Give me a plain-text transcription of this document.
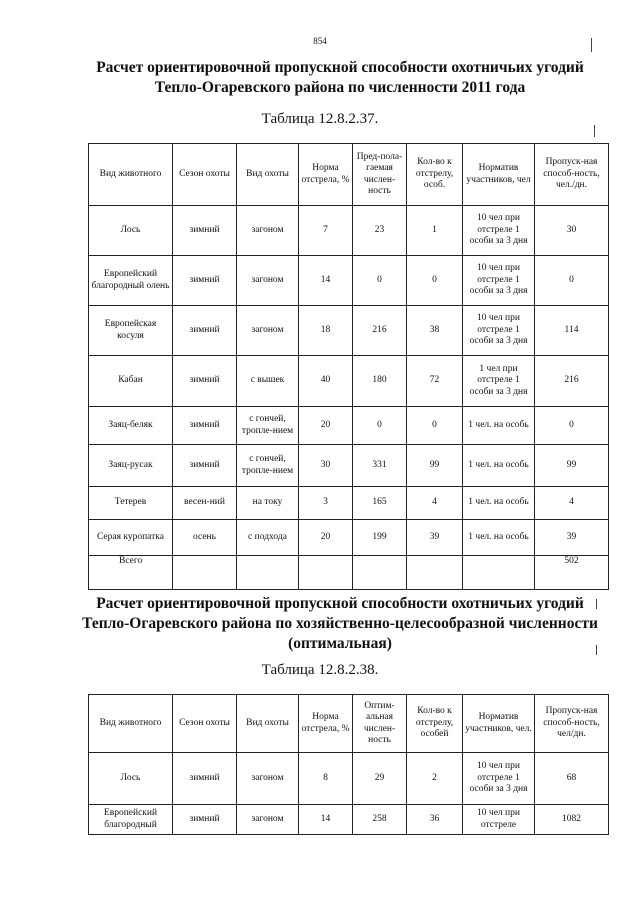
854
Расчет ориентировочной пропускной способности охотничьих угодий
Тепло-Огаревского района по численности 2011 года
Таблица 12.8.2.37.
Вид животного	Сезон охоты	Вид охоты	Норма отстрела, %	Пред-пола-гаемая числен-ность	Кол-во к отстрелу, особ.	Норматив участников, чел	Пропуск-ная способ-ность, чел./дн.
Лось	зимний	загоном	7	23	1	10 чел при отстреле 1 особи за 3 дня	30
Европейский благородный олень	зимний	загоном	14	0	0	10 чел при отстреле 1 особи за 3 дня	0
Европейская косуля	зимний	загоном	18	216	38	10 чел при отстреле 1 особи за 3 дня	114
Кабан	зимний	с вышек	40	180	72	1 чел при отстреле 1 особи за 3 дня	216
Заяц-беляк	зимний	с гончей, тропле-нием	20	0	0	1 чел. на особь	0
Заяц-русак	зимний	с гончей, тропле-нием	30	331	99	1 чел. на особь	99
Тетерев	весен-ний	на току	3	165	4	1 чел. на особь	4
Серая куропатка	осень	с подхода	20	199	39	1 чел. на особь	39
Всего							502
Расчет ориентировочной пропускной способности охотничьих угодий
Тепло-Огаревского района по хозяйственно-целесообразной численности
(оптимальная)
Таблица 12.8.2.38.
Вид животного	Сезон охоты	Вид охоты	Норма отстрела, %	Оптим-альная числен-ность	Кол-во к отстрелу, особей	Норматив участников, чел.	Пропуск-ная способ-ность, чел/дн.
Лось	зимний	загоном	8	29	2	10 чел при отстреле 1 особи за 3 дня	68
Европейский благородный	зимний	загоном	14	258	36	10 чел при отстреле	1082
